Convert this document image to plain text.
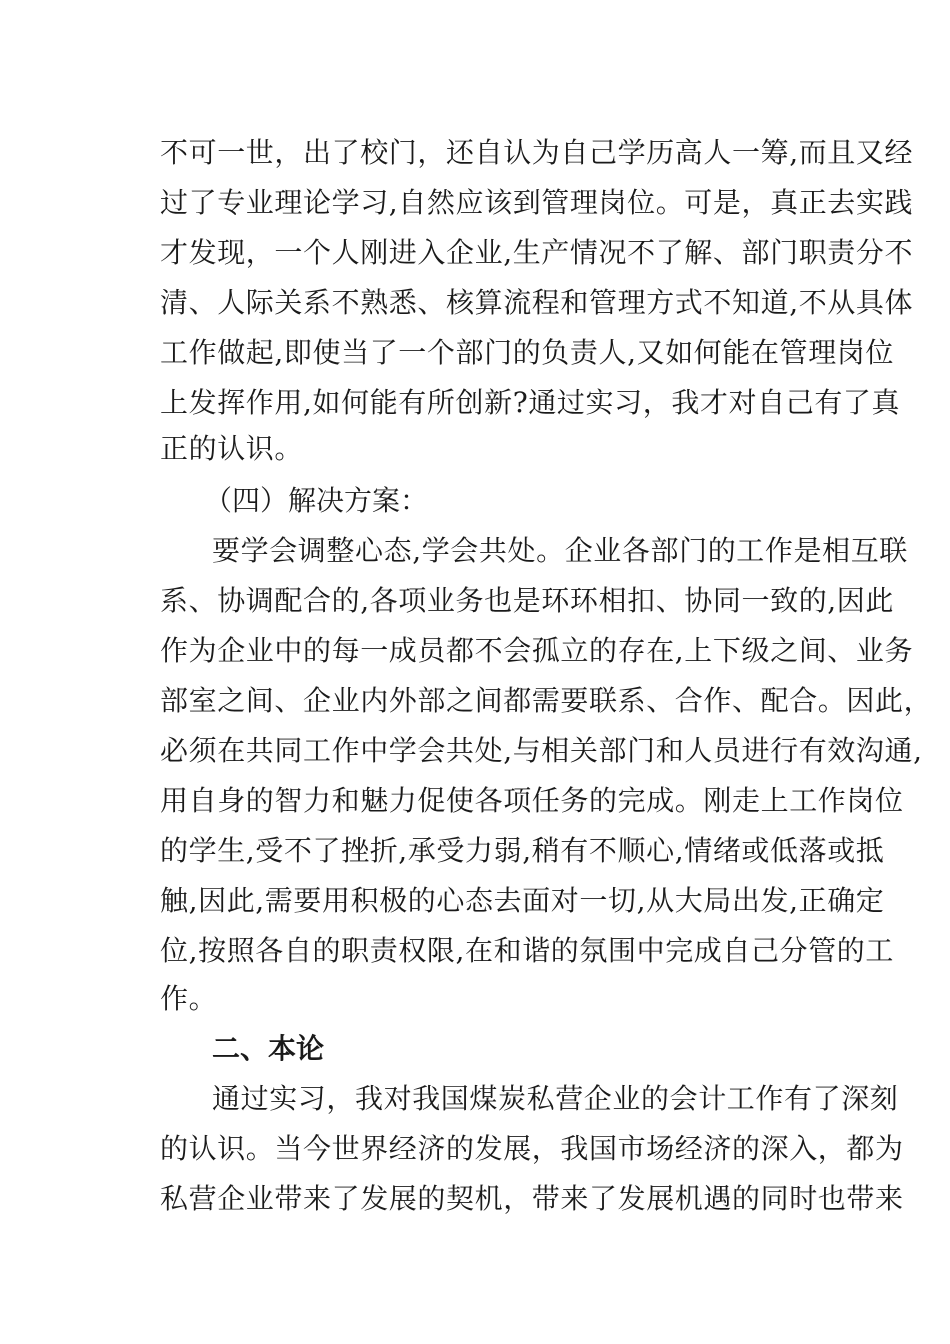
不可一世，出了校门，还自认为自己学历高人一筹,而且又经
过了专业理论学习,自然应该到管理岗位。可是，真正去实践
才发现，一个人刚进入企业,生产情况不了解、部门职责分不
清、人际关系不熟悉、核算流程和管理方式不知道,不从具体
工作做起,即使当了一个部门的负责人,又如何能在管理岗位
上发挥作用,如何能有所创新?通过实习，我才对自己有了真
正的认识。
（四）解决方案：
要学会调整心态,学会共处。企业各部门的工作是相互联
系、协调配合的,各项业务也是环环相扣、协同一致的,因此
作为企业中的每一成员都不会孤立的存在,上下级之间、业务
部室之间、企业内外部之间都需要联系、合作、配合。因此，
必须在共同工作中学会共处,与相关部门和人员进行有效沟通,
用自身的智力和魅力促使各项任务的完成。刚走上工作岗位
的学生,受不了挫折,承受力弱,稍有不顺心,情绪或低落或抵
触,因此,需要用积极的心态去面对一切,从大局出发,正确定
位,按照各自的职责权限,在和谐的氛围中完成自己分管的工
作。
二、本论
通过实习，我对我国煤炭私营企业的会计工作有了深刻
的认识。当今世界经济的发展，我国市场经济的深入，都为
私营企业带来了发展的契机，带来了发展机遇的同时也带来
